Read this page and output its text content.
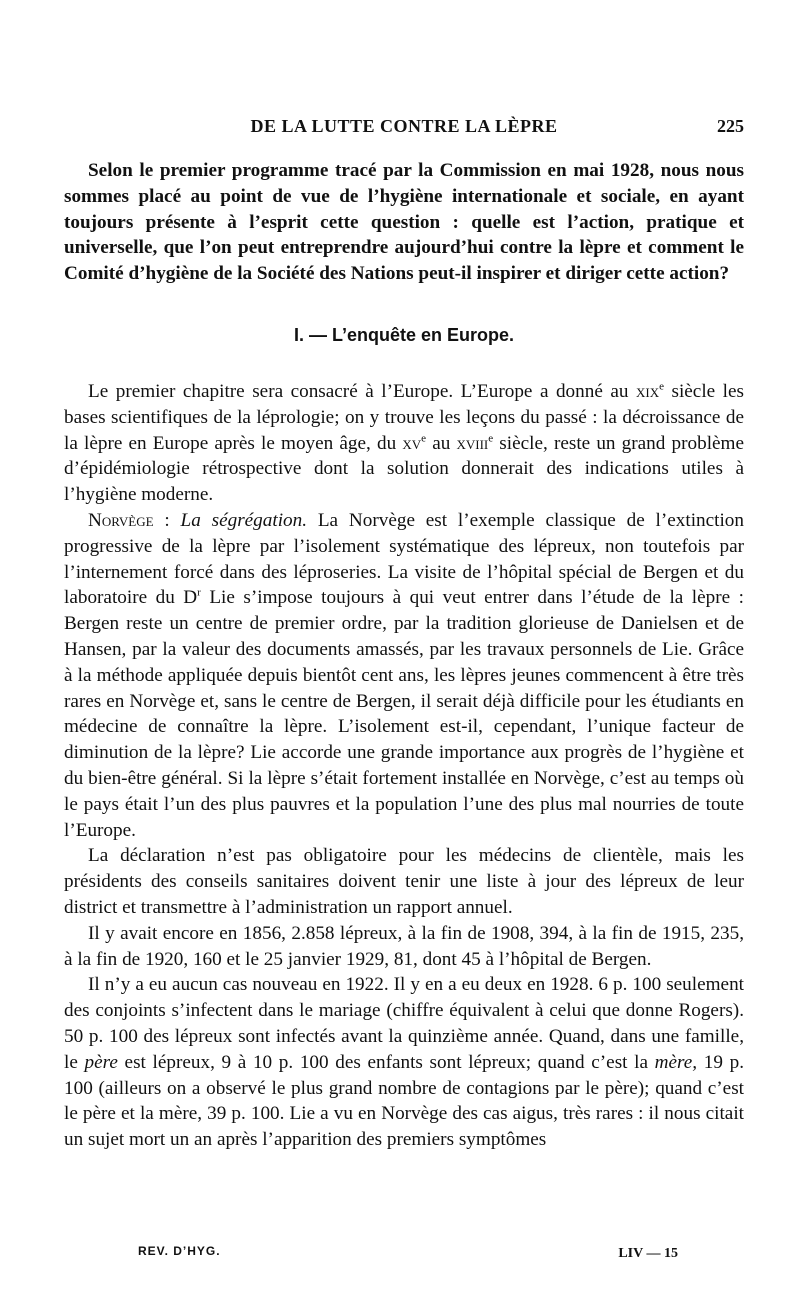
DE LA LUTTE CONTRE LA LÈPRE	225

Selon le premier programme tracé par la Commission en mai 1928, nous nous sommes placé au point de vue de l’hygiène internationale et sociale, en ayant toujours présente à l’esprit cette question : quelle est l’action, pratique et universelle, que l’on peut entreprendre aujourd’hui contre la lèpre et comment le Comité d’hygiène de la Société des Nations peut-il inspirer et diriger cette action?

I. — L’enquête en Europe.

Le premier chapitre sera consacré à l’Europe. L’Europe a donné au xix$^e$ siècle les bases scientifiques de la léprologie; on y trouve les leçons du passé : la décroissance de la lèpre en Europe après le moyen âge, du $xv^e$ au xviii$^e$ siècle, reste un grand problème d’épidémiologie rétrospective dont la solution donnerait des indications utiles à l’hygiène moderne.

Norvège : La ségrégation. La Norvège est l’exemple classique de l’extinction progressive de la lèpre par l’isolement systématique des lépreux, non toutefois par l’internement forcé dans des léproseries. La visite de l’hôpital spécial de Bergen et du laboratoire du $D^r$ Lie s’impose toujours à qui veut entrer dans l’étude de la lèpre : Bergen reste un centre de premier ordre, par la tradition glorieuse de Danielsen et de Hansen, par la valeur des documents amassés, par les travaux personnels de Lie. Grâce à la méthode appliquée depuis bientôt cent ans, les lèpres jeunes commencent à être très rares en Norvège et, sans le centre de Bergen, il serait déjà difficile pour les étudiants en médecine de connaître la lèpre. L’isolement est-il, cependant, l’unique facteur de diminution de la lèpre? Lie accorde une grande importance aux progrès de l’hygiène et du bien-être général. Si la lèpre s’était fortement installée en Norvège, c’est au temps où le pays était l’un des plus pauvres et la population l’une des plus mal nourries de toute l’Europe.

La déclaration n’est pas obligatoire pour les médecins de clientèle, mais les présidents des conseils sanitaires doivent tenir une liste à jour des lépreux de leur district et transmettre à l’administration un rapport annuel.

Il y avait encore en 1856, 2.858 lépreux, à la fin de 1908, 394, à la fin de 1915, 235, à la fin de 1920, 160 et le 25 janvier 1929, 81, dont 45 à l’hôpital de Bergen.

Il n’y a eu aucun cas nouveau en 1922. Il y en a eu deux en 1928. 6 p. 100 seulement des conjoints s’infectent dans le mariage (chiffre équivalent à celui que donne Rogers). 50 p. 100 des lépreux sont infectés avant la quinzième année. Quand, dans une famille, le père est lépreux, 9 à 10 p. 100 des enfants sont lépreux; quand c’est la mère, 19 p. 100 (ailleurs on a observé le plus grand nombre de contagions par le père); quand c’est le père et la mère, 39 p. 100. Lie a vu en Norvège des cas aigus, très rares : il nous citait un sujet mort un an après l’apparition des premiers symptômes

REV. D’HYG.	LIV — 15
